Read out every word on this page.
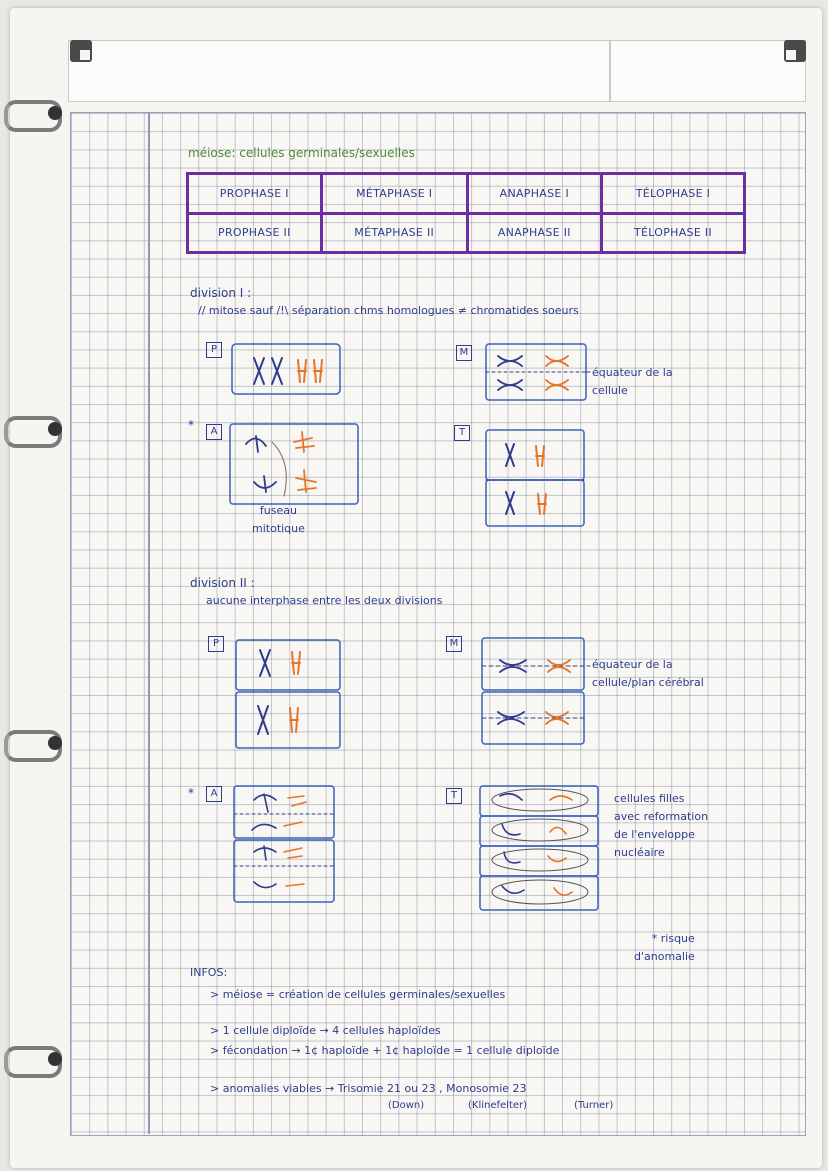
méiose: cellules germinales/sexuelles
PROPHASE I	MÉTAPHASE I	ANAPHASE I	TÉLOPHASE I
PROPHASE II	MÉTAPHASE II	ANAPHASE II	TÉLOPHASE II
division I :
// mitose sauf /!\ séparation chms homologues ≠ chromatides soeurs
P	M
*	A	T
équateur de la
cellule
fuseau
mitotique
division II :
aucune interphase entre les deux divisions
P	M
*	A	T
équateur de la
cellule/plan cérébral
cellules filles
avec reformation
de l'enveloppe
nucléaire
* risque
d'anomalie
INFOS:
> méiose = création de cellules germinales/sexuelles
> 1 cellule diploïde → 4 cellules haploïdes
> fécondation → 1¢ haploïde + 1¢ haploïde = 1 cellule diploïde
> anomalies viables → Trisomie 21 ou 23 , Monosomie 23
(Down)	(Klinefelter)	(Turner)
